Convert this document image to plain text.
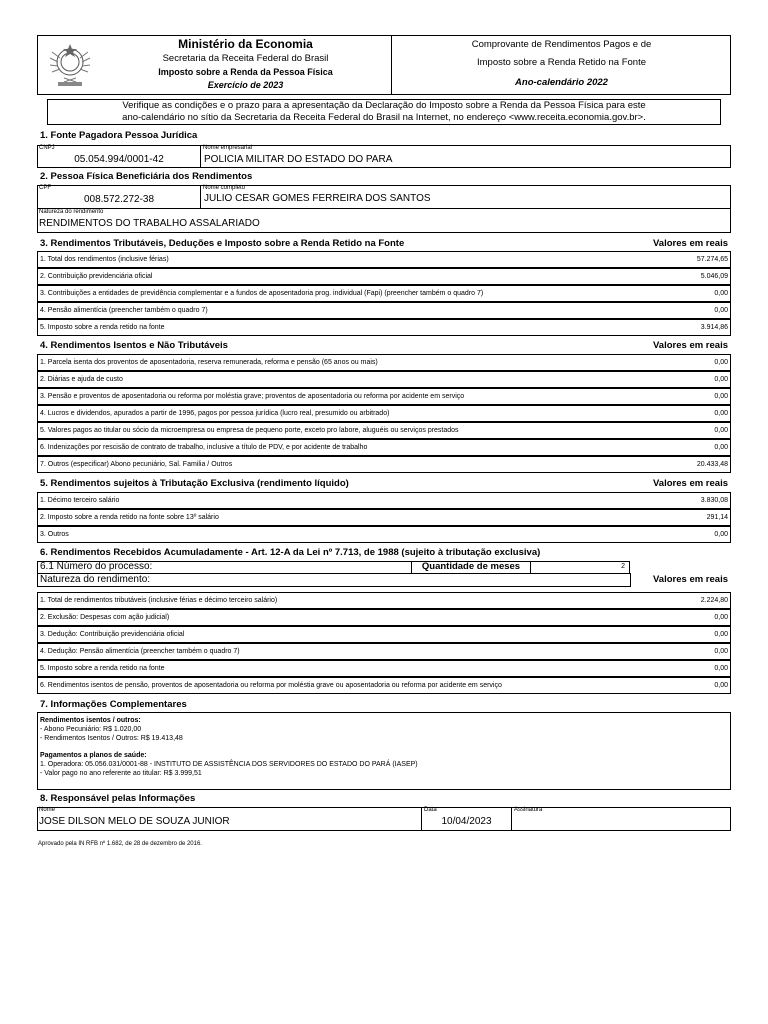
Ministério da Economia
Secretaria da Receita Federal do Brasil
Imposto sobre a Renda da Pessoa Física
Exercício de 2023
Comprovante de Rendimentos Pagos e de
Imposto sobre a Renda Retido na Fonte
Ano-calendário 2022
Verifique as condições e o prazo para a apresentação da Declaração do Imposto sobre a Renda da Pessoa Física para este
ano-calendário no sítio da Secretaria da Receita Federal do Brasil na Internet, no endereço <www.receita.economia.gov.br>.
1. Fonte Pagadora Pessoa Jurídica
CNPJ
05.054.994/0001-42
Nome empresarial
POLICIA MILITAR DO ESTADO DO PARA
2. Pessoa Física Beneficiária dos Rendimentos
CPF
008.572.272-38
Nome completo
JULIO CESAR GOMES FERREIRA DOS SANTOS
Natureza do rendimento
RENDIMENTOS DO TRABALHO ASSALARIADO
3. Rendimentos Tributáveis, Deduções e Imposto sobre a Renda Retido na Fonte	Valores em reais
1. Total dos rendimentos (inclusive férias)	57.274,65
2. Contribuição previdenciária oficial	5.046,09
3. Contribuições a entidades de previdência complementar e a fundos de aposentadoria prog. individual (Fapi) (preencher também o quadro 7)	0,00
4. Pensão alimentícia (preencher também o quadro 7)	0,00
5. Imposto sobre a renda retido na fonte	3.914,86
4. Rendimentos Isentos e Não Tributáveis	Valores em reais
1. Parcela isenta dos proventos de aposentadoria, reserva remunerada, reforma e pensão (65 anos ou mais)	0,00
2. Diárias e ajuda de custo	0,00
3. Pensão e proventos de aposentadoria ou reforma por moléstia grave; proventos de aposentadoria ou reforma por acidente em serviço	0,00
4. Lucros e dividendos, apurados a partir de 1996, pagos por pessoa jurídica (lucro real, presumido ou arbitrado)	0,00
5. Valores pagos ao titular ou sócio da microempresa ou empresa de pequeno porte, exceto pro labore, aluguéis ou serviços prestados	0,00
6. Indenizações por rescisão de contrato de trabalho, inclusive a título de PDV, e por acidente de trabalho	0,00
7. Outros (especificar) Abono pecuniário, Sal. Familia / Outros	20.433,48
5. Rendimentos sujeitos à Tributação Exclusiva (rendimento líquido)	Valores em reais
1. Décimo terceiro salário	3.830,08
2. Imposto sobre a renda retido na fonte sobre 13º salário	291,14
3. Outros	0,00
6. Rendimentos Recebidos Acumuladamente - Art. 12-A da Lei nº 7.713, de 1988 (sujeito à tributação exclusiva)
6.1 Número do processo:	Quantidade de meses	2
Natureza do rendimento:	Valores em reais
1. Total de rendimentos tributáveis (inclusive férias e décimo terceiro salário)	2.224,80
2. Exclusão: Despesas com ação judicial)	0,00
3. Dedução: Contribuição previdenciária oficial	0,00
4. Dedução: Pensão alimentícia (preencher também o quadro 7)	0,00
5. Imposto sobre a renda retido na fonte	0,00
6. Rendimentos isentos de pensão, proventos de aposentadoria ou reforma por moléstia grave ou aposentadoria ou reforma por acidente em serviço	0,00
7. Informações Complementares
Rendimentos isentos / outros:
- Abono Pecuniário: R$ 1.020,00
- Rendimentos Isentos / Outros: R$ 19.413,48
Pagamentos a planos de saúde:
1. Operadora: 05.056.031/0001-88 - INSTITUTO DE ASSISTÊNCIA DOS SERVIDORES DO ESTADO DO PARÁ (IASEP)
- Valor pago no ano referente ao titular: R$ 3.999,51
8. Responsável pelas Informações
Nome
JOSE DILSON MELO DE SOUZA JUNIOR
Data
10/04/2023
Assinatura
Aprovado pela IN RFB nº 1.682, de 28 de dezembro de 2016.
